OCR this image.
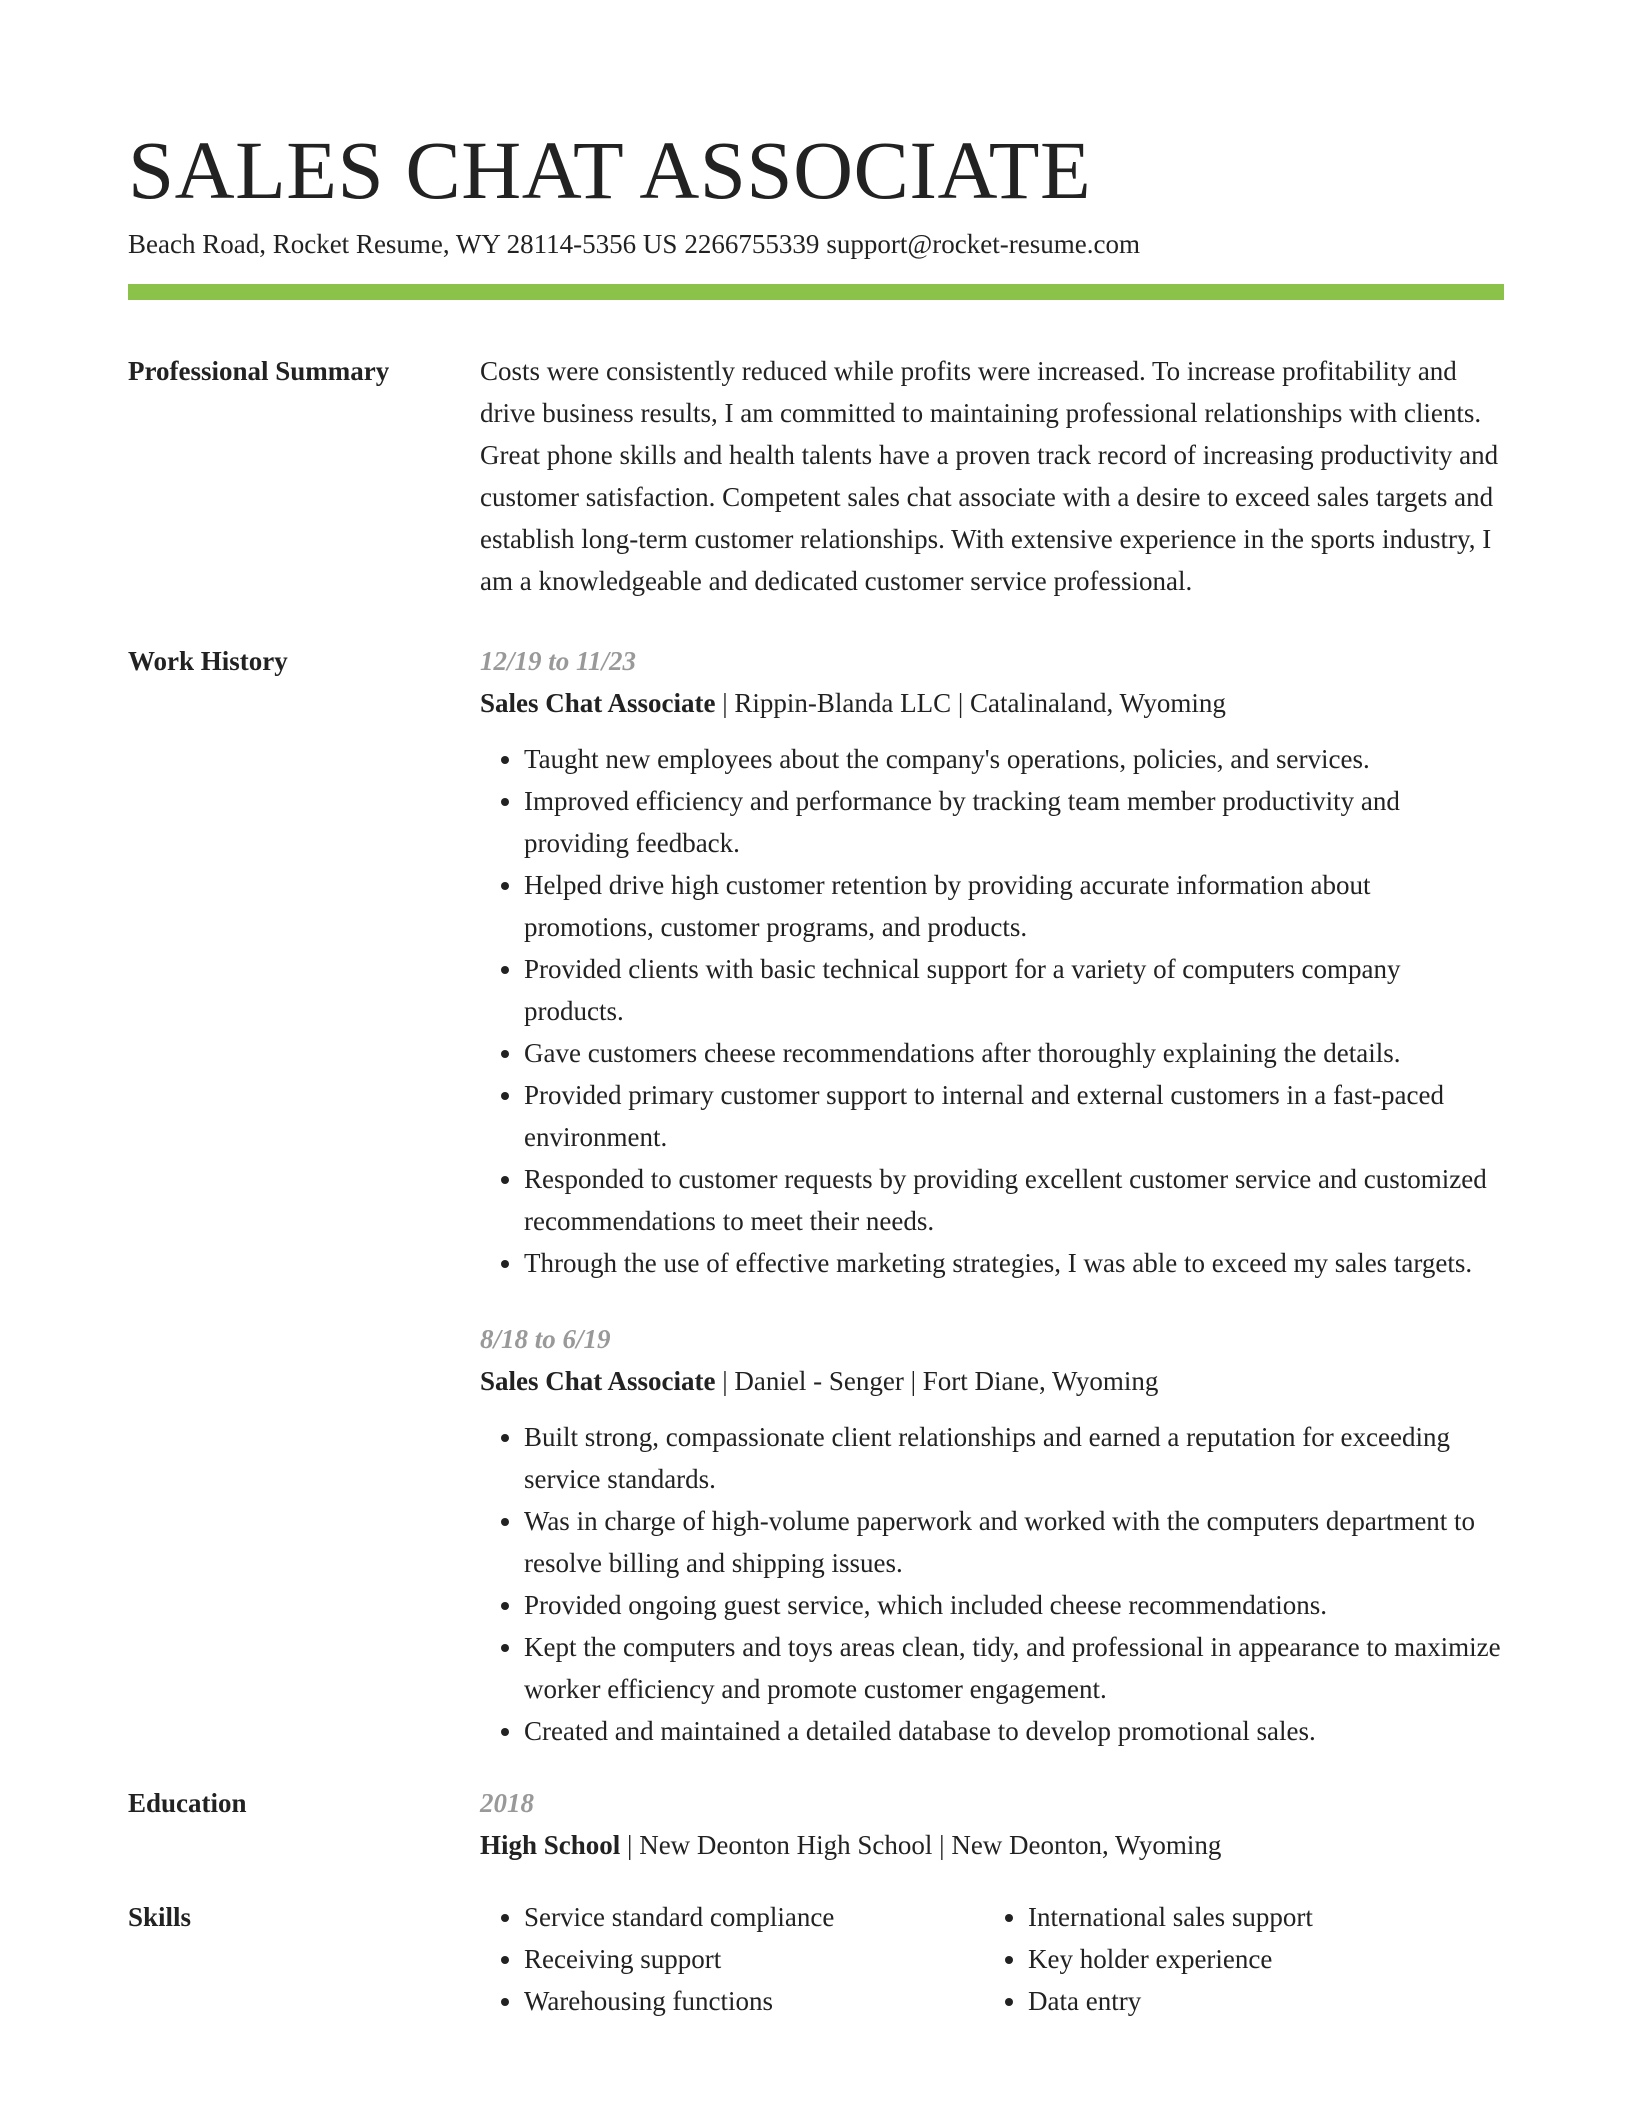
SALES CHAT ASSOCIATE
Beach Road, Rocket Resume, WY 28114-5356 US 2266755339 support@rocket-resume.com
Professional Summary	Costs were consistently reduced while profits were increased. To increase profitability and drive business results, I am committed to maintaining professional relationships with clients. Great phone skills and health talents have a proven track record of increasing productivity and customer satisfaction. Competent sales chat associate with a desire to exceed sales targets and establish long-term customer relationships. With extensive experience in the sports industry, I am a knowledgeable and dedicated customer service professional.

Work History	12/19 to 11/23
Sales Chat Associate | Rippin-Blanda LLC | Catalinaland, Wyoming
• Taught new employees about the company's operations, policies, and services.
• Improved efficiency and performance by tracking team member productivity and providing feedback.
• Helped drive high customer retention by providing accurate information about promotions, customer programs, and products.
• Provided clients with basic technical support for a variety of computers company products.
• Gave customers cheese recommendations after thoroughly explaining the details.
• Provided primary customer support to internal and external customers in a fast-paced environment.
• Responded to customer requests by providing excellent customer service and customized recommendations to meet their needs.
• Through the use of effective marketing strategies, I was able to exceed my sales targets.
8/18 to 6/19
Sales Chat Associate | Daniel - Senger | Fort Diane, Wyoming
• Built strong, compassionate client relationships and earned a reputation for exceeding service standards.
• Was in charge of high-volume paperwork and worked with the computers department to resolve billing and shipping issues.
• Provided ongoing guest service, which included cheese recommendations.
• Kept the computers and toys areas clean, tidy, and professional in appearance to maximize worker efficiency and promote customer engagement.
• Created and maintained a detailed database to develop promotional sales.
Education	2018
High School | New Deonton High School | New Deonton, Wyoming
Skills
•	Service standard compliance
• Receiving support
• Warehousing functions
• International sales support
• Key holder experience
• Data entry
